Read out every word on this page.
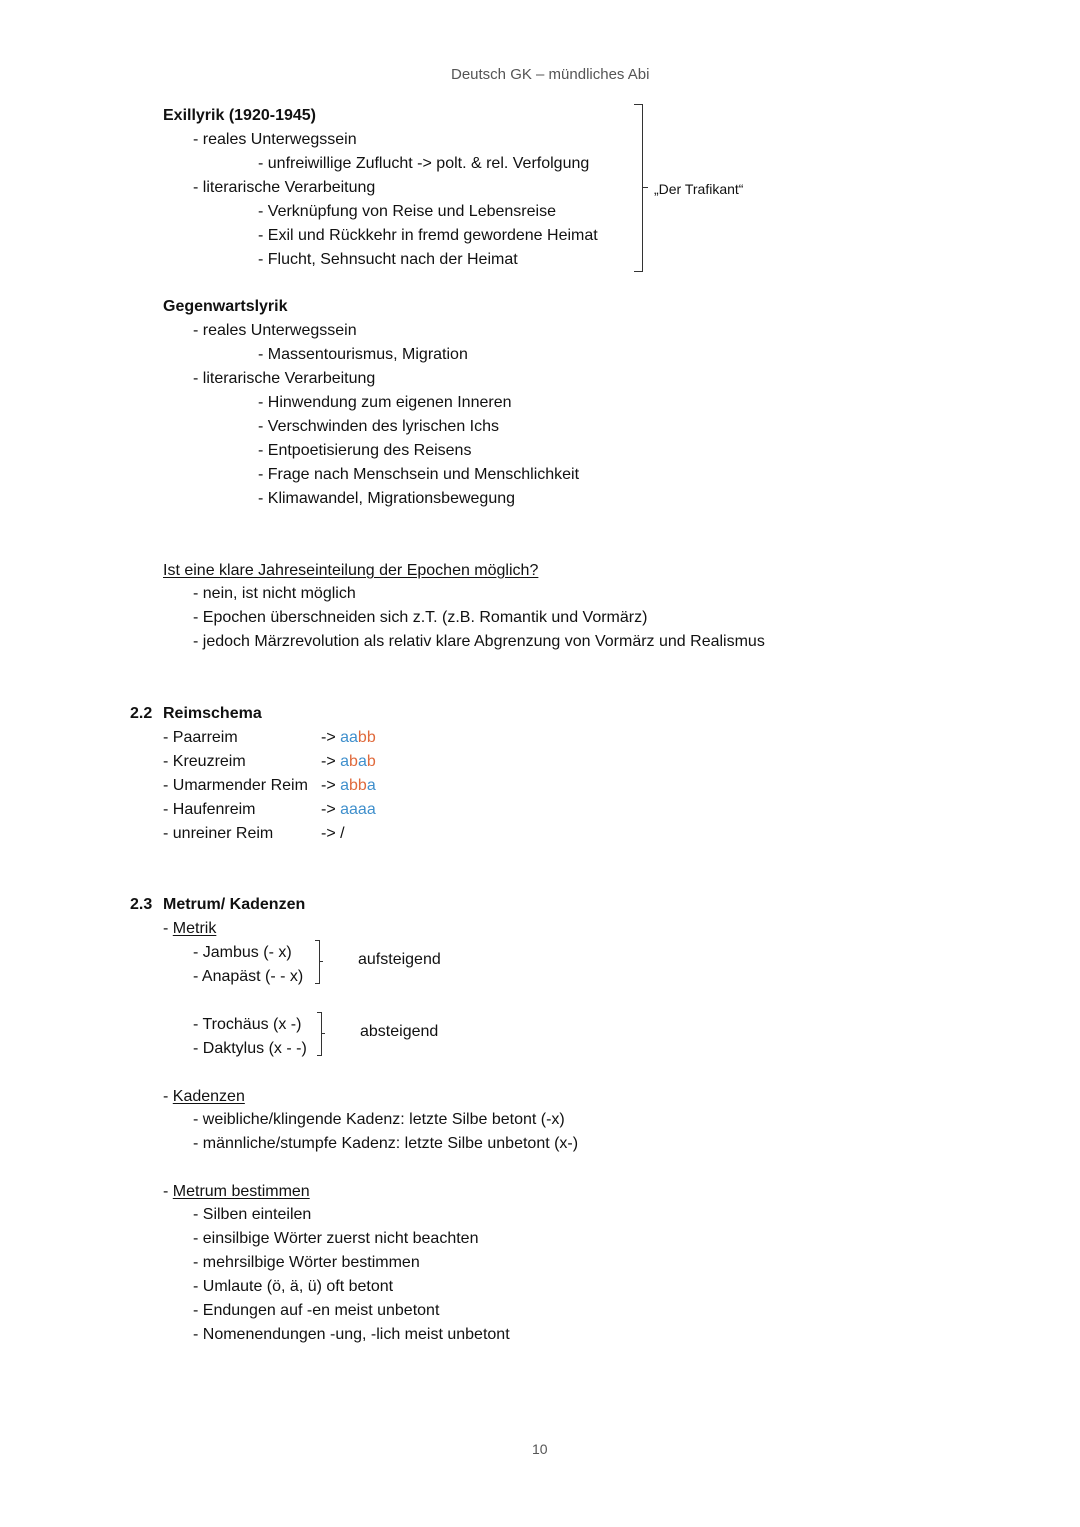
Deutsch GK – mündliches Abi
Exillyrik (1920-1945)
- reales Unterwegssein
- unfreiwillige Zuflucht -> polt. & rel. Verfolgung
- literarische Verarbeitung
- Verknüpfung von Reise und Lebensreise
- Exil und Rückkehr in fremd gewordene Heimat
- Flucht, Sehnsucht nach der Heimat
„Der Trafikant“
Gegenwartslyrik
- reales Unterwegssein
- Massentourismus, Migration
- literarische Verarbeitung
- Hinwendung zum eigenen Inneren
- Verschwinden des lyrischen Ichs
- Entpoetisierung des Reisens
- Frage nach Menschsein und Menschlichkeit
- Klimawandel, Migrationsbewegung
Ist eine klare Jahreseinteilung der Epochen möglich?
- nein, ist nicht möglich
- Epochen überschneiden sich z.T. (z.B. Romantik und Vormärz)
- jedoch Märzrevolution als relativ klare Abgrenzung von Vormärz und Realismus
2.2 Reimschema
- Paarreim	-> aabb
- Kreuzreim	-> abab
- Umarmender Reim -> abba
- Haufenreim	-> aaaa
- unreiner Reim	-> /
2.3 Metrum/ Kadenzen
- Metrik
- Jambus (- x)
- Anapäst (- - x)
aufsteigend
- Trochäus (x -)
- Daktylus (x - -)
absteigend
- Kadenzen
- weibliche/klingende Kadenz: letzte Silbe betont (-x)
- männliche/stumpfe Kadenz: letzte Silbe unbetont (x-)
- Metrum bestimmen
- Silben einteilen
- einsilbige Wörter zuerst nicht beachten
- mehrsilbige Wörter bestimmen
- Umlaute (ö, ä, ü) oft betont
- Endungen auf -en meist unbetont
- Nomenendungen -ung, -lich meist unbetont
10
